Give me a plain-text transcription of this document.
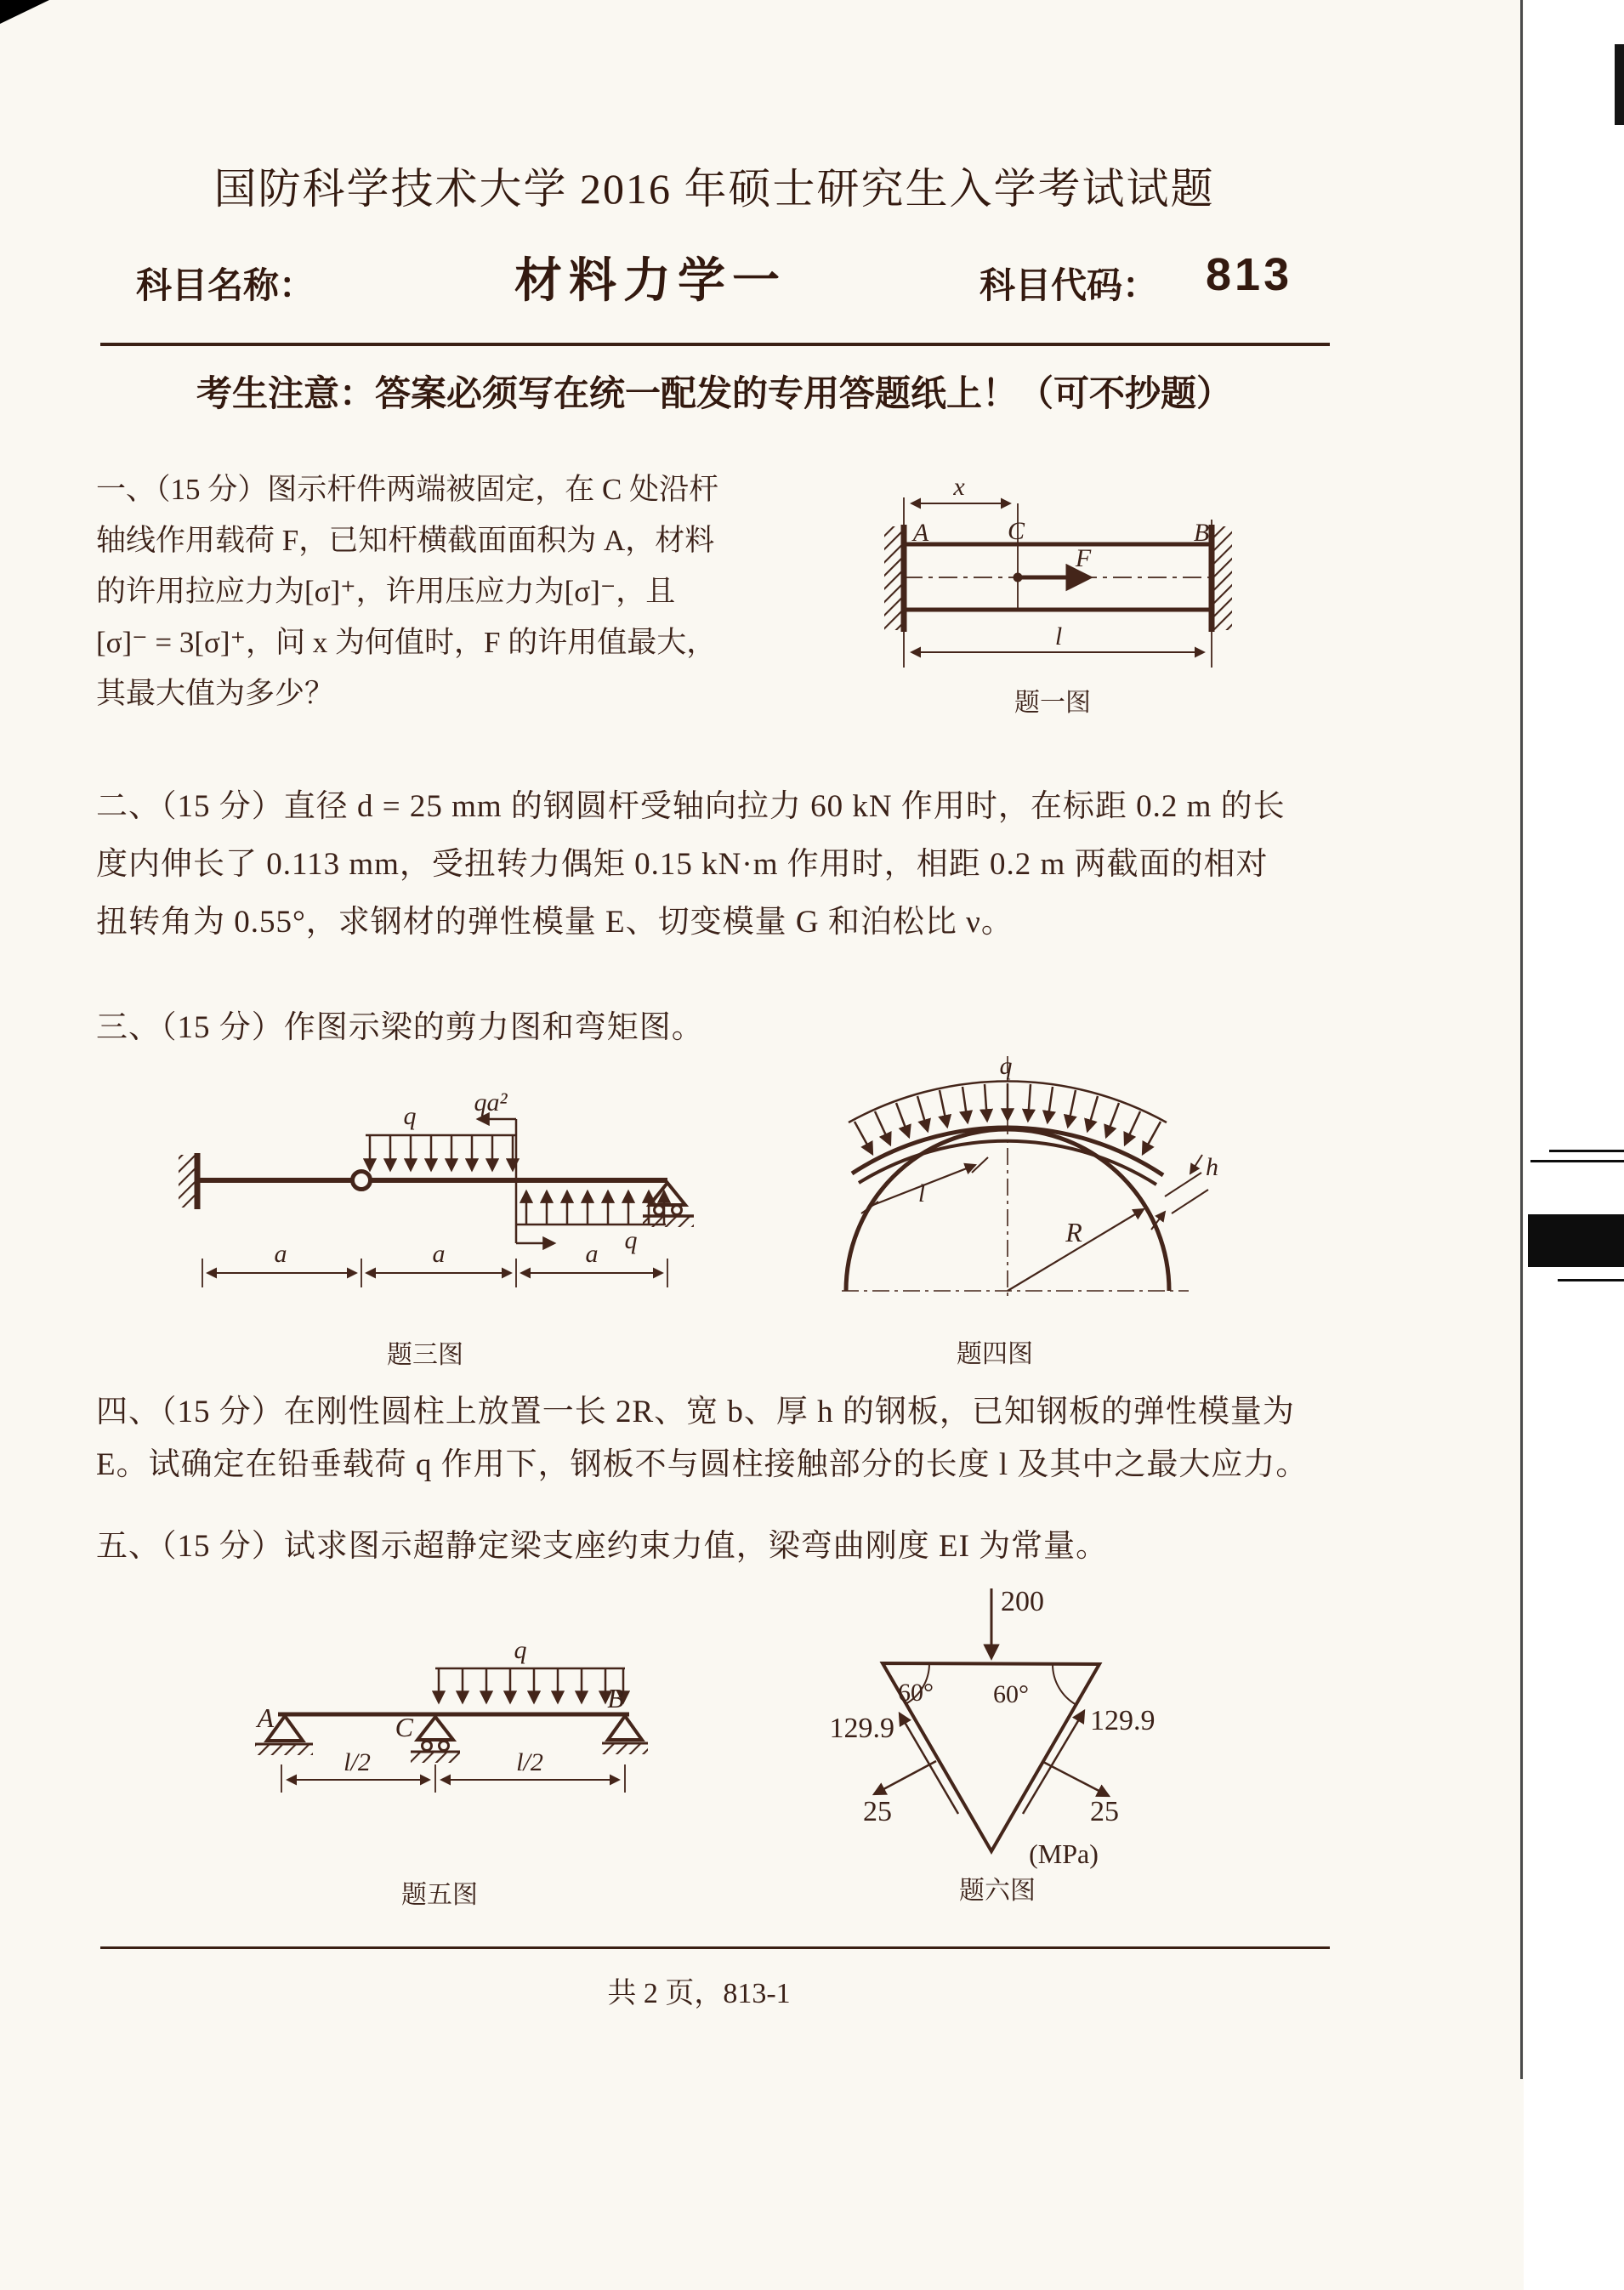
国防科学技术大学 2016 年硕士研究生入学考试试题
科目名称：	材料力学一	科目代码： 813
考生注意：答案必须写在统一配发的专用答题纸上！（可不抄题）
一、（15 分）图示杆件两端被固定，在 C 处沿杆
轴线作用载荷 F，已知杆横截面面积为 A，材料
的许用拉应力为[σ]⁺，许用压应力为[σ]⁻，且
[σ]⁻ = 3[σ]⁺，问 x 为何值时，F 的许用值最大，
其最大值为多少？
x
A	C	B
F
l
题一图
二、（15 分）直径 d = 25 mm 的钢圆杆受轴向拉力 60 kN 作用时，在标距 0.2 m 的长
度内伸长了 0.113 mm，受扭转力偶矩 0.15 kN·m 作用时，相距 0.2 m 两截面的相对
扭转角为 0.55°，求钢材的弹性模量 E、切变模量 G 和泊松比 ν。
三、（15 分）作图示梁的剪力图和弯矩图。
q qa²
q
a	a	a
题三图
q
l
h
R
题四图
四、（15 分）在刚性圆柱上放置一长 2R、宽 b、厚 h 的钢板，已知钢板的弹性模量为
E。试确定在铅垂载荷 q 作用下，钢板不与圆柱接触部分的长度 l 及其中之最大应力。
五、（15 分）试求图示超静定梁支座约束力值，梁弯曲刚度 EI 为常量。
A	C
B
q
l/2	l/2
题五图
200
60° 60°
129.9	129.9
25	25
(MPa)
题六图
共 2 页，813-1
